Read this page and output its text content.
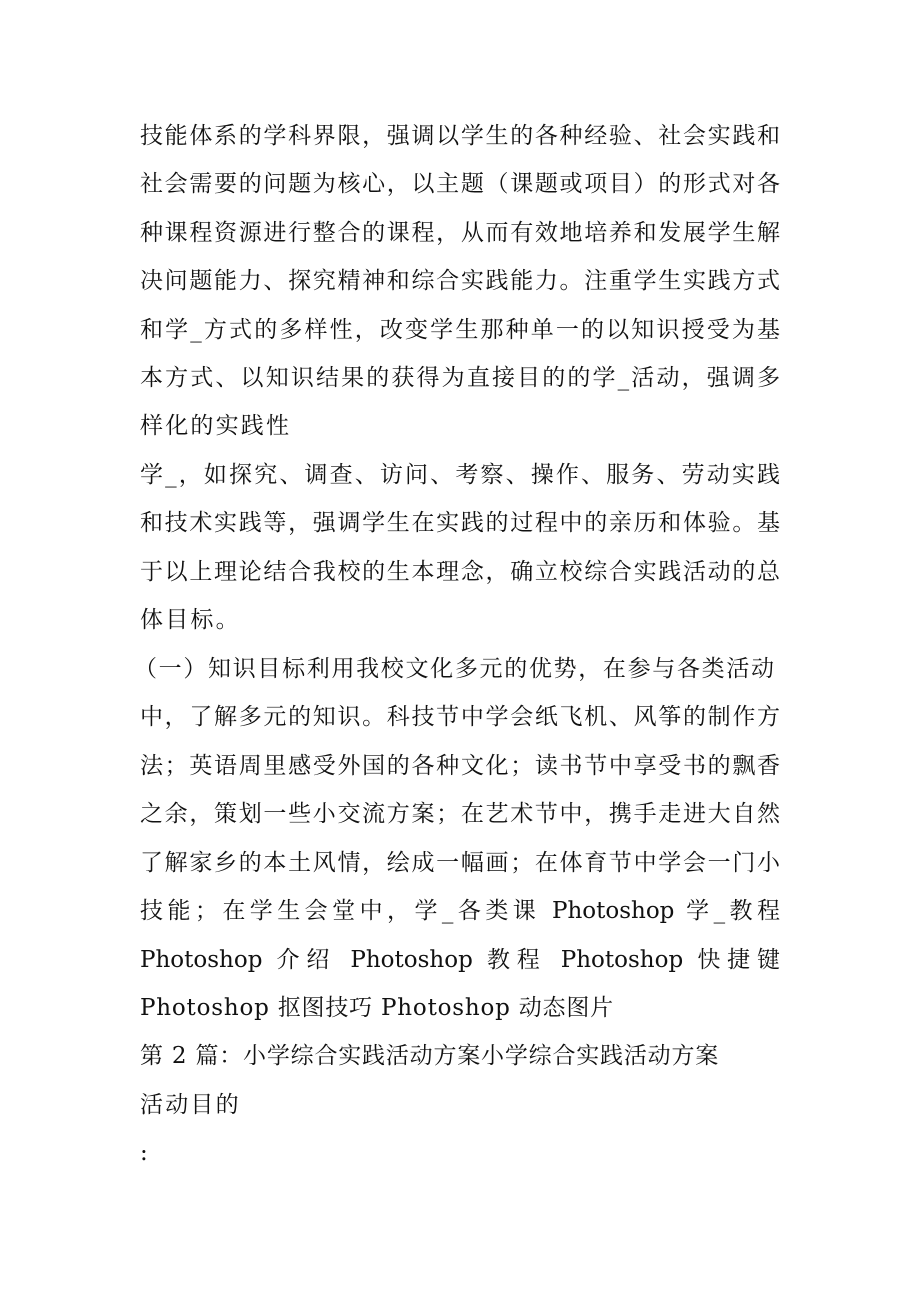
技能体系的学科界限，强调以学生的各种经验、社会实践和
社会需要的问题为核心，以主题（课题或项目）的形式对各
种课程资源进行整合的课程，从而有效地培养和发展学生解
决问题能力、探究精神和综合实践能力。注重学生实践方式
和学_方式的多样性，改变学生那种单一的以知识授受为基
本方式、以知识结果的获得为直接目的的学_活动，强调多
样化的实践性
学_，如探究、调查、访问、考察、操作、服务、劳动实践
和技术实践等，强调学生在实践的过程中的亲历和体验。基
于以上理论结合我校的生本理念，确立校综合实践活动的总
体目标。
（一）知识目标利用我校文化多元的优势，在参与各类活动
中，了解多元的知识。科技节中学会纸飞机、风筝的制作方
法；英语周里感受外国的各种文化；读书节中享受书的飘香
之余，策划一些小交流方案；在艺术节中，携手走进大自然
了解家乡的本土风情，绘成一幅画；在体育节中学会一门小
技能；在学生会堂中，学_各类课 Photoshop 学_教程
Photoshop 介绍 Photoshop 教程 Photoshop 快捷键
Photoshop 抠图技巧 Photoshop 动态图片
第 2 篇：小学综合实践活动方案小学综合实践活动方案
活动目的
:
